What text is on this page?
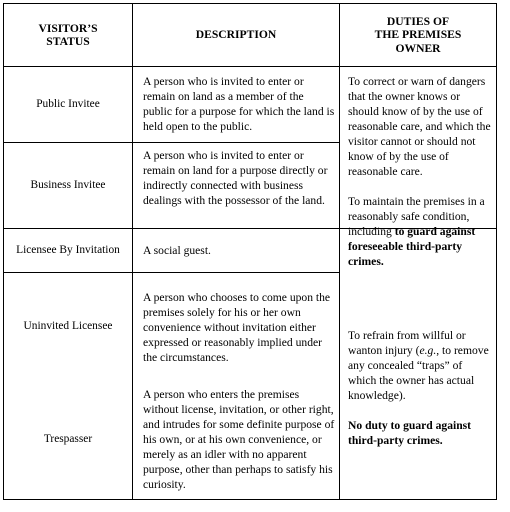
VISITOR’S
STATUS
DESCRIPTION
DUTIES OF
THE PREMISES
OWNER
Public Invitee
A person who is invited to enter or remain on land as a member of the public for a purpose for which the land is held open to the public.
Business Invitee
A person who is invited to enter or remain on land for a purpose directly or indirectly connected with business dealings with the possessor of the land.
Licensee By Invitation	A social guest.
Uninvited Licensee
A person who chooses to come upon the premises solely for his or her own convenience without invitation either expressed or reasonably implied under the circumstances.
Trespasser
A person who enters the premises without license, invitation, or other right, and intrudes for some definite purpose of his own, or at his own convenience, or merely as an idler with no apparent purpose, other than perhaps to satisfy his curiosity.

To correct or warn of dangers that the owner knows or should know of by the use of reasonable care, and which the visitor cannot or should not know of by the use of reasonable care.

To maintain the premises in a reasonably safe condition, including to guard against foreseeable third-party crimes.

To refrain from willful or wanton injury (e.g., to remove any concealed “traps” of which the owner has actual knowledge).

No duty to guard against third-party crimes.
